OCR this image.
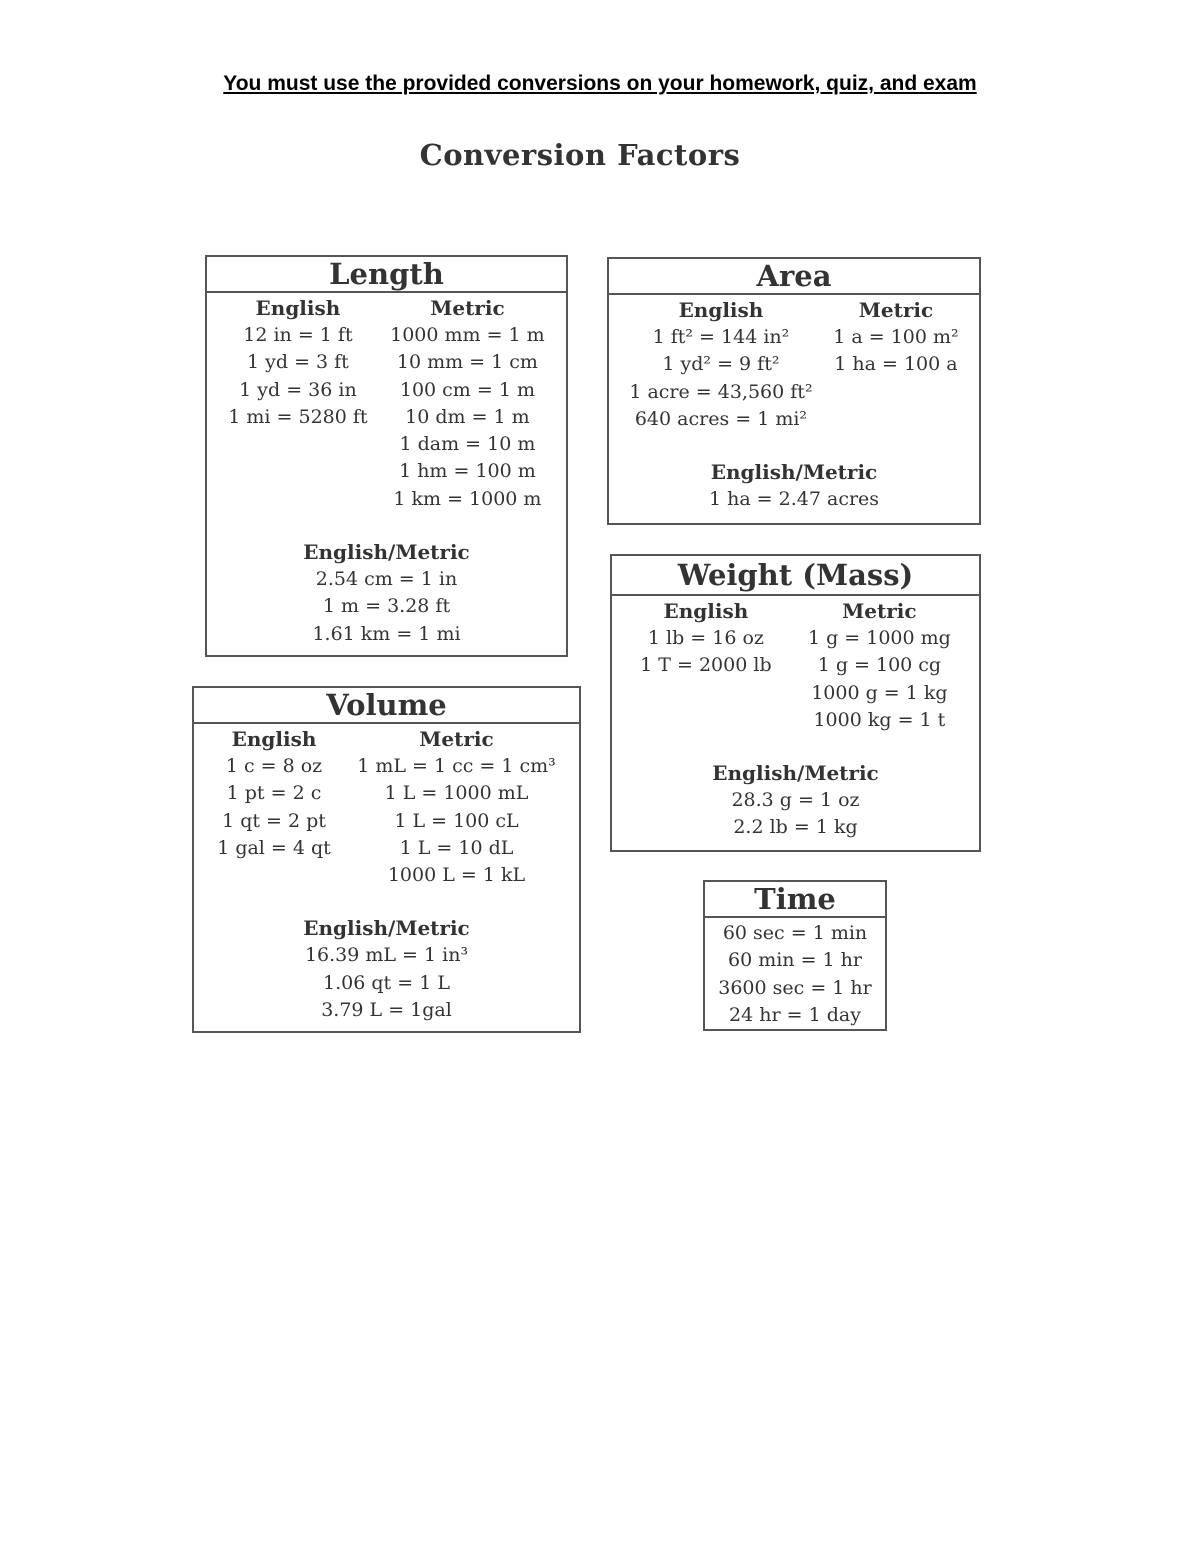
You must use the provided conversions on your homework, quiz, and exam
Conversion Factors
Length
English
12 in = 1 ft
1 yd = 3 ft
1 yd = 36 in
1 mi = 5280 ft
Metric
1000 mm = 1 m
10 mm = 1 cm
100 cm = 1 m
10 dm = 1 m
1 dam = 10 m
1 hm = 100 m
1 km = 1000 m
English/Metric
2.54 cm = 1 in
1 m = 3.28 ft
1.61 km = 1 mi
Area
English
1 ft² = 144 in²
1 yd² = 9 ft²
1 acre = 43,560 ft²
640 acres = 1 mi²
Metric
1 a = 100 m²
1 ha = 100 a
English/Metric
1 ha = 2.47 acres
Weight (Mass)
English
1 lb = 16 oz
1 T = 2000 lb
Metric
1 g = 1000 mg
1 g = 100 cg
1000 g = 1 kg
1000 kg = 1 t
English/Metric
28.3 g = 1 oz
2.2 lb = 1 kg
Volume
English
1 c = 8 oz
1 pt = 2 c
1 qt = 2 pt
1 gal = 4 qt
Metric
1 mL = 1 cc = 1 cm³
1 L = 1000 mL
1 L = 100 cL
1 L = 10 dL
1000 L = 1 kL
English/Metric
16.39 mL = 1 in³
1.06 qt = 1 L
3.79 L = 1gal
Time
60 sec = 1 min
60 min = 1 hr
3600 sec = 1 hr
24 hr = 1 day
